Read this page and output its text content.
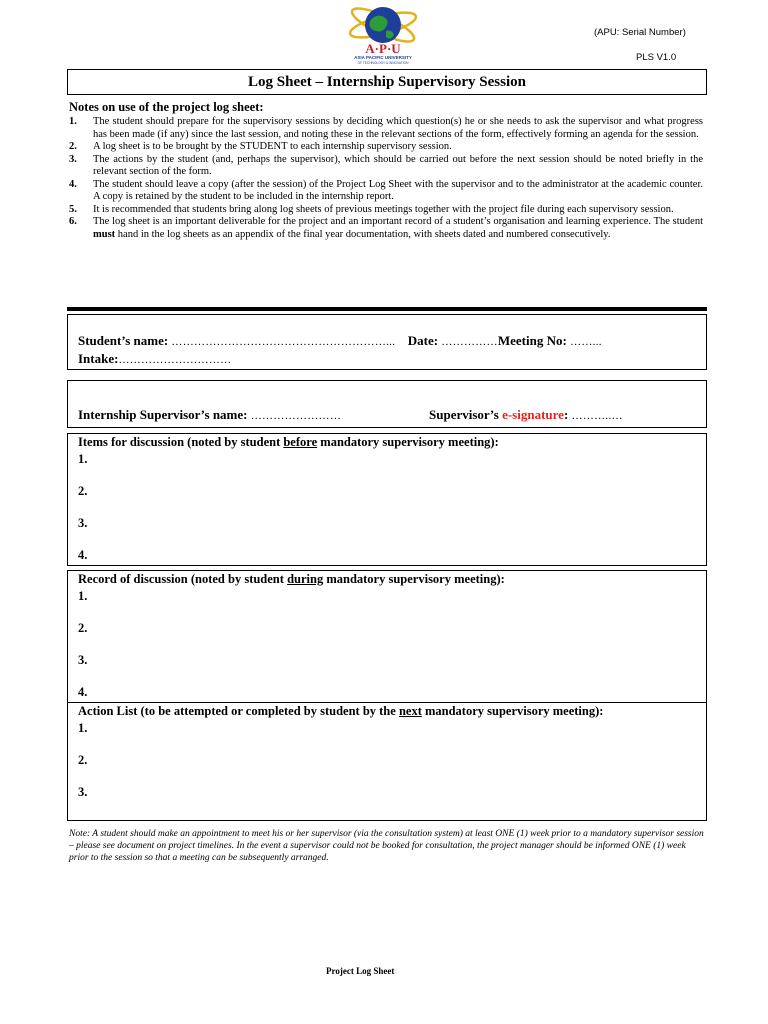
A·P·U
ASIA PACIFIC UNIVERSITY
OF TECHNOLOGY & INNOVATION
(APU: Serial Number)
PLS V1.0
Log Sheet – Internship Supervisory Session
Notes on use of the project log sheet:
1.	The student should prepare for the supervisory sessions by deciding which question(s) he or she needs to ask the supervisor and what progress has been made (if any) since the last session, and noting these in the relevant sections of the form, effectively forming an agenda for the session.
2.	A log sheet is to be brought by the STUDENT to each internship supervisory session.
3.	The actions by the student (and, perhaps the supervisor), which should be carried out before the next session should be noted briefly in the relevant section of the form.
4.	The student should leave a copy (after the session) of the Project Log Sheet with the supervisor and to the administrator at the academic counter. A copy is retained by the student to be included in the internship report.
5.	It is recommended that students bring along log sheets of previous meetings together with the project file during each supervisory session.
6.	The log sheet is an important deliverable for the project and an important record of a student’s organisation and learning experience. The student must hand in the log sheets as an appendix of the final year documentation, with sheets dated and numbered consecutively.
Student’s name: …………………………………………………... Date: ……………Meeting No: ……...
Intake:…………………………
Internship Supervisor’s name: ……………………	Supervisor’s e-signature: ………..…
Items for discussion (noted by student before mandatory supervisory meeting):
1.
2.
3.
4.
Record of discussion (noted by student during mandatory supervisory meeting):
1.
2.
3.
4.
Action List (to be attempted or completed by student by the next mandatory supervisory meeting):
1.
2.
3.
Note: A student should make an appointment to meet his or her supervisor (via the consultation system) at least ONE (1) week prior to a mandatory supervisor session – please see document on project timelines. In the event a supervisor could not be booked for consultation, the project manager should be informed ONE (1) week prior to the session so that a meeting can be subsequently arranged.
Project Log Sheet
